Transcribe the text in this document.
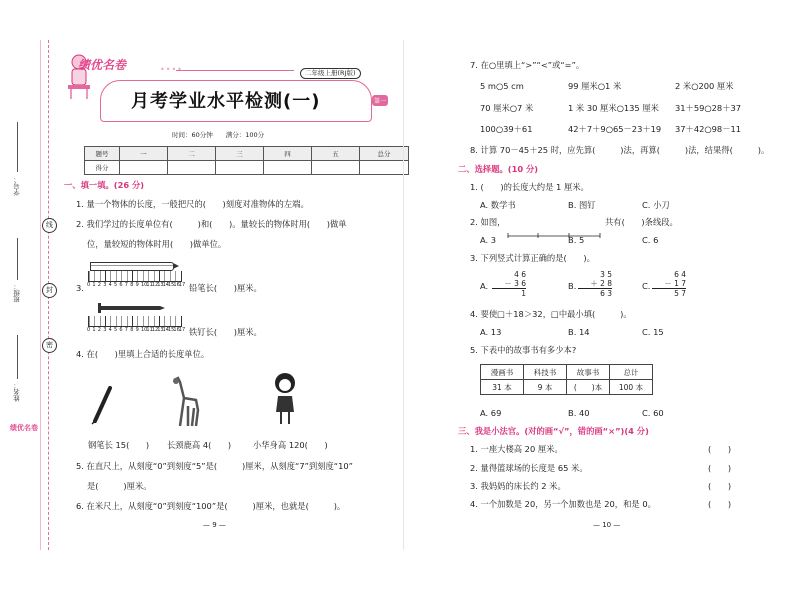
线
封
密
学号：
班级：
姓名：
绩优名卷
绩优名卷	••••	二年级上册(RJ版)
月考学业水平检测(一)	第一
时间：60分钟　　满分：100分
题号	一	二	三	四	五	总分
得分						
一、填一填。(26 分)
1. 量一个物体的长度，一般把尺的(　　)刻度对准物体的左端。
2. 我们学过的长度单位有(　　　)和(　　)。量较长的物体时用(　　)做单
位，量较短的物体时用(　　)做单位。
3. 0 1 2 3 4 5 6 7 8 9 10 11 12 13 14 15 16 17 铅笔长(　　)厘米。
0 1 2 3 4 5 6 7 8 9 10 11 12 13 14 15 16 17 铁钉长(　　)厘米。
4. 在(　　)里填上合适的长度单位。
钢笔长 15(　　) 长颈鹿高 4(　　)	小华身高 120(　　)
5. 在直尺上，从刻度“0”到刻度“5”是(　　　)厘米，从刻度“7”到刻度“10”
是(　　　)厘米。
6. 在米尺上，从刻度“0”到刻度“100”是(　　　)厘米，也就是(　　　)。
— 9 —
7. 在○里填上“>”“<”或“=”。
5 m○5 cm	99 厘米○1 米	2 米○200 厘米
70 厘米○7 米	1 米 30 厘米○135 厘米 31＋59○28＋37
100○39＋61	42＋7＋9○65－23＋19 37＋42○98－11
8. 计算 70－45＋25 时，应先算(　　　)法，再算(　　　)法，结果得(　　　)。
二、选择题。(10 分)
1. (　　)的长度大约是 1 厘米。
A. 数学书	B. 图钉	C. 小刀
2. 如图，	共有(　　)条线段。
A. 3	B. 5	C. 6
3. 下列竖式计算正确的是(　　)。
A.
4 6
－ 3 6
1
B.
3 5
＋ 2 8
6 3
C.
6 4
－ 1 7
5 7
4. 要使□＋18＞32，□中最小填(　　　)。
A. 13	B. 14	C. 15
5. 下表中的故事书有多少本?
漫画书	科技书	故事书	总计
31 本	9 本	(　　)本	100 本
A. 69	B. 40	C. 60
三、我是小法官。(对的画“√”，错的画“×”)(4 分)
1. 一座大楼高 20 厘米。	(　　)
2. 量得篮球场的长度是 65 米。	(　　)
3. 我妈妈的床长约 2 米。	(　　)
4. 一个加数是 20，另一个加数也是 20，和是 0。	(　　)
— 10 —
